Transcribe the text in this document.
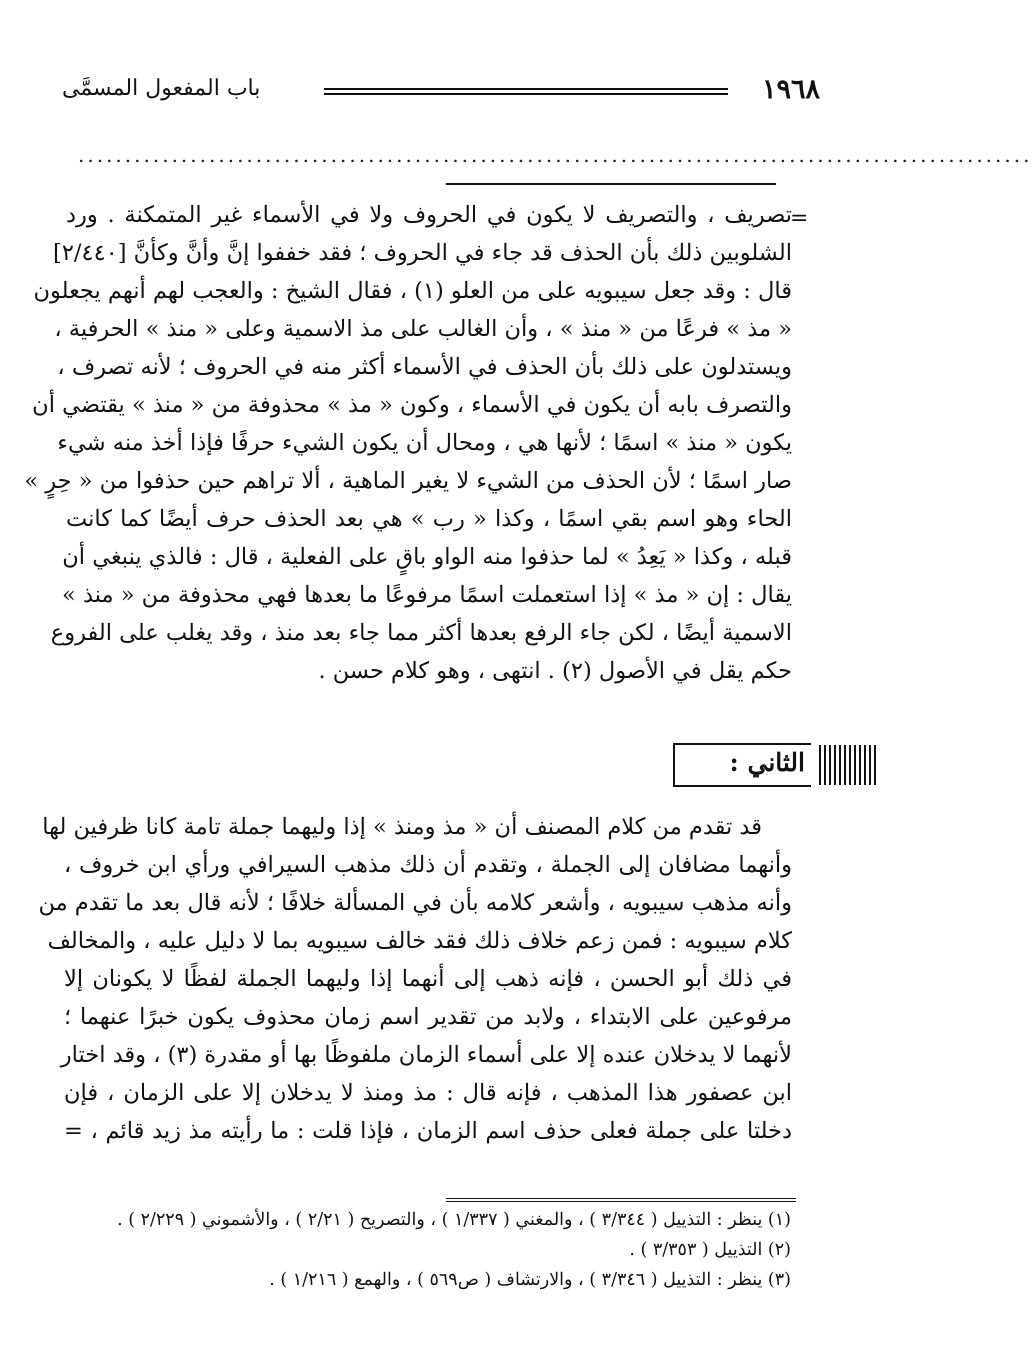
١٩٦٨
باب المفعول المسمَّى
......................................................................................................
=
تصريف ، والتصريف لا يكون في الحروف ولا في الأسماء غير المتمكنة . ورد
الشلوبين ذلك بأن الحذف قد جاء في الحروف ؛ فقد خففوا إنَّ وأنَّ وكأنَّ [٢/٤٤٠]
قال : وقد جعل سيبويه على من العلو (١) ، فقال الشيخ : والعجب لهم أنهم يجعلون
« مذ » فرعًا من « منذ » ، وأن الغالب على مذ الاسمية وعلى « منذ » الحرفية ،
ويستدلون على ذلك بأن الحذف في الأسماء أكثر منه في الحروف ؛ لأنه تصرف ،
والتصرف بابه أن يكون في الأسماء ، وكون « مذ » محذوفة من « منذ » يقتضي أن
يكون « منذ » اسمًا ؛ لأنها هي ، ومحال أن يكون الشيء حرفًا فإذا أخذ منه شيء
صار اسمًا ؛ لأن الحذف من الشيء لا يغير الماهية ، ألا تراهم حين حذفوا من « حِرٍ »
الحاء وهو اسم بقي اسمًا ، وكذا « رب » هي بعد الحذف حرف أيضًا كما كانت
قبله ، وكذا « يَعِدُ » لما حذفوا منه الواو باقٍ على الفعلية ، قال : فالذي ينبغي أن
يقال : إن « مذ » إذا استعملت اسمًا مرفوعًا ما بعدها فهي محذوفة من « منذ »
الاسمية أيضًا ، لكن جاء الرفع بعدها أكثر مما جاء بعد منذ ، وقد يغلب على الفروع
حكم يقل في الأصول (٢) . انتهى ، وهو كلام حسن .
الثاني :
قد تقدم من كلام المصنف أن « مذ ومنذ » إذا وليهما جملة تامة كانا ظرفين لها
وأنهما مضافان إلى الجملة ، وتقدم أن ذلك مذهب السيرافي ورأي ابن خروف ،
وأنه مذهب سيبويه ، وأشعر كلامه بأن في المسألة خلافًا ؛ لأنه قال بعد ما تقدم من
كلام سيبويه : فمن زعم خلاف ذلك فقد خالف سيبويه بما لا دليل عليه ، والمخالف
في ذلك أبو الحسن ، فإنه ذهب إلى أنهما إذا وليهما الجملة لفظًا لا يكونان إلا
مرفوعين على الابتداء ، ولابد من تقدير اسم زمان محذوف يكون خبرًا عنهما ؛
لأنهما لا يدخلان عنده إلا على أسماء الزمان ملفوظًا بها أو مقدرة (٣) ، وقد اختار
ابن عصفور هذا المذهب ، فإنه قال : مذ ومنذ لا يدخلان إلا على الزمان ، فإن
دخلتا على جملة فعلى حذف اسم الزمان ، فإذا قلت : ما رأيته مذ زيد قائم ، =
(١) ينظر : التذييل ( ٣/٣٤٤ ) ، والمغني ( ١/٣٣٧ ) ، والتصريح ( ٢/٢١ ) ، والأشموني ( ٢/٢٢٩ ) .
(٢) التذييل ( ٣/٣٥٣ ) .
(٣) ينظر : التذييل ( ٣/٣٤٦ ) ، والارتشاف ( ص٥٦٩ ) ، والهمع ( ١/٢١٦ ) .
